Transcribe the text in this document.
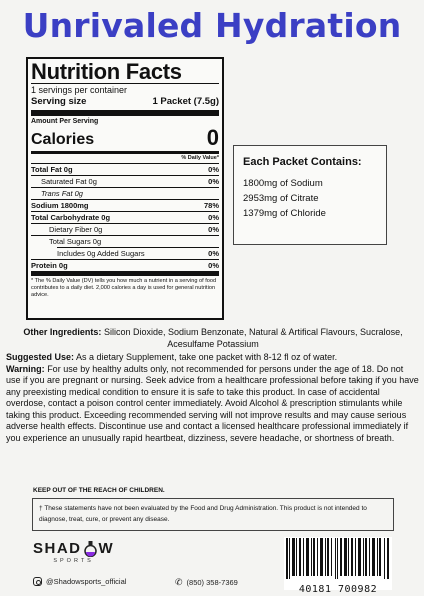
Unrivaled Hydration
Nutrition Facts
1 servings per container
Serving size	1 Packet (7.5g)
Amount Per Serving
Calories	0
% Daily Value*
Total Fat 0g	0%
Saturated Fat 0g	0%
Trans Fat 0g
Sodium 1800mg	78%
Total Carbohydrate 0g	0%
Dietary Fiber 0g	0%
Total Sugars 0g
Includes 0g Added Sugars	0%
Protein 0g	0%
* The % Daily Value (DV) tells you how much a nutrient in a serving of food contributes to a daily diet. 2,000 calories a day is used for general nutrition advice.
Each Packet Contains:
1800mg of Sodium
2953mg of Citrate
1379mg of Chloride

Other Ingredients: Silicon Dioxide, Sodium Benzonate, Natural & Artifical Flavours, Sucralose, Acesulfame Potassium

Suggested Use: As a dietary Supplement, take one packet with 8-12 fl oz of water.

Warning: For use by healthy adults only, not recommended for persons under the age of 18. Do not use if you are pregnant or nursing. Seek advice from a healthcare professional before taking if you have any preexisting medical condition to ensure it is safe to take this product. In case of accidental overdose, contact a poison control center immediately. Avoid Alcohol & prescription stimulants while taking this product. Exceeding recommended serving will not improve results and may cause serious adverse health effects. Discontinue use and contact a licensed healthcare professional immediately if you experience an unusually rapid heartbeat, dizziness, severe headache, or shortness of breath.

KEEP OUT OF THE REACH OF CHILDREN.
† These statements have not been evaluated by the Food and Drug Administration. This product is not intended to diagnose, treat, cure, or prevent any disease.
SHAD W
SPORTS
@Shadowsports_official	✆ (850) 358-7369
40181 700982
